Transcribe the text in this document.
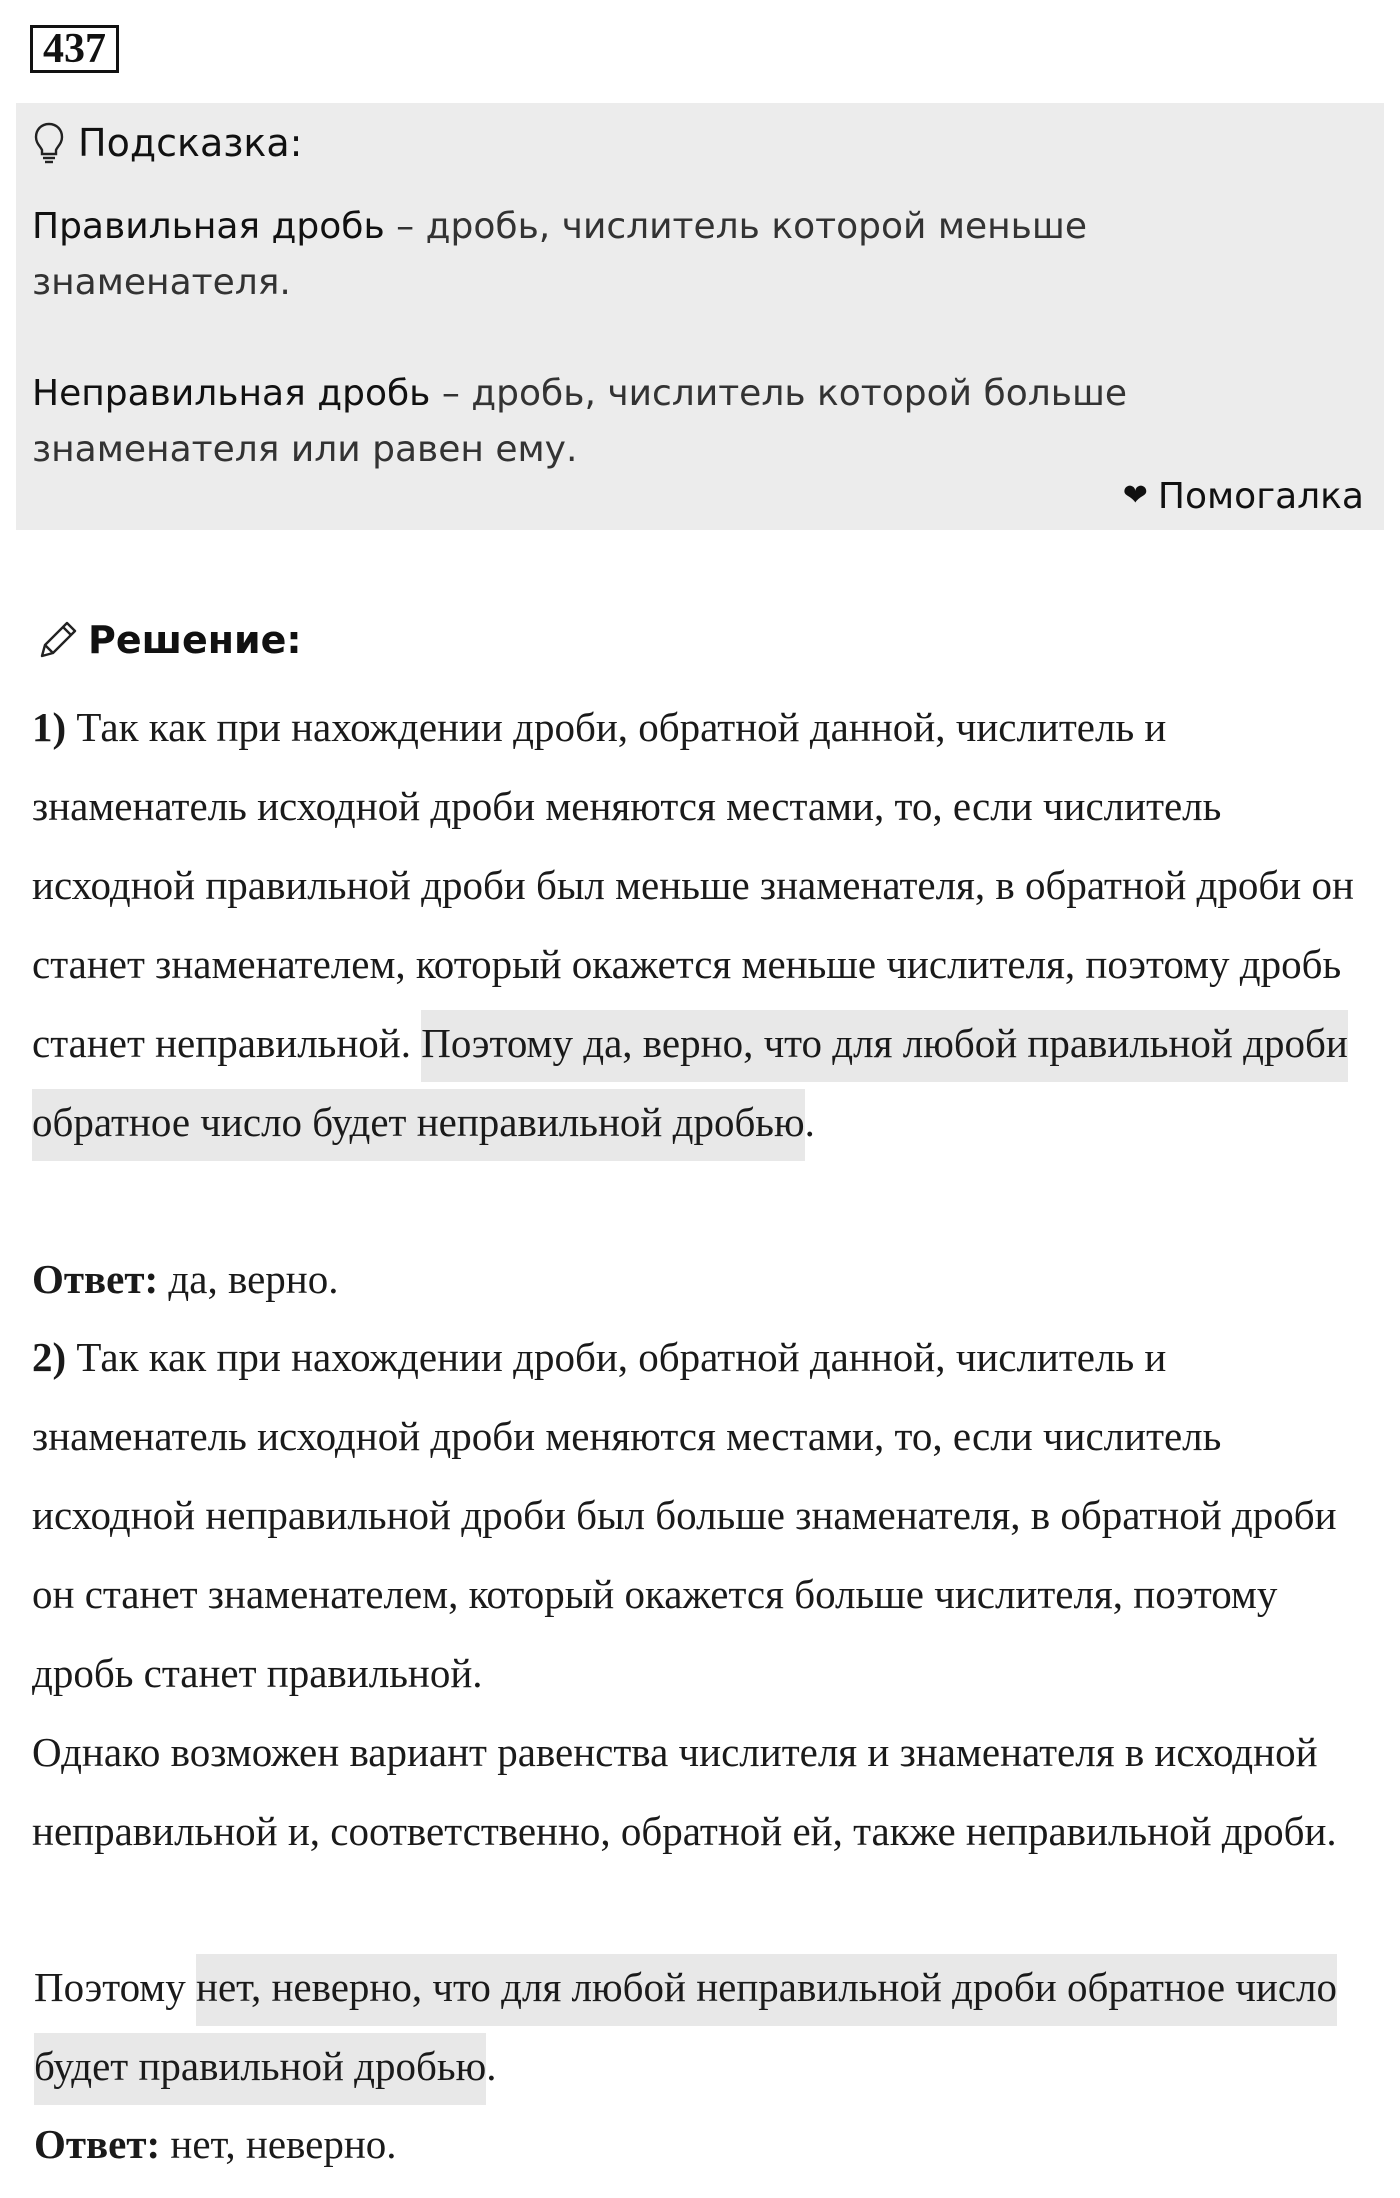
437
Подсказка:
Правильная дробь – дробь, числитель которой меньше знаменателя.
Неправильная дробь – дробь, числитель которой больше знаменателя или равен ему.
❤ Помогалка
Решение:
1) Так как при нахождении дроби, обратной данной, числитель и знаменатель исходной дроби меняются местами, то, если числитель исходной правильной дроби был меньше знаменателя, в обратной дроби он станет знаменателем, который окажется меньше числителя, поэтому дробь станет неправильной. Поэтому да, верно, что для любой правильной дроби обратное число будет неправильной дробью.
Ответ: да, верно.
2) Так как при нахождении дроби, обратной данной, числитель и знаменатель исходной дроби меняются местами, то, если числитель исходной неправильной дроби был больше знаменателя, в обратной дроби он станет знаменателем, который окажется больше числителя, поэтому дробь станет правильной.
Однако возможен вариант равенства числителя и знаменателя в исходной неправильной и, соответственно, обратной ей, также неправильной дроби.
Поэтому нет, неверно, что для любой неправильной дроби обратное число будет правильной дробью.
Ответ: нет, неверно.
